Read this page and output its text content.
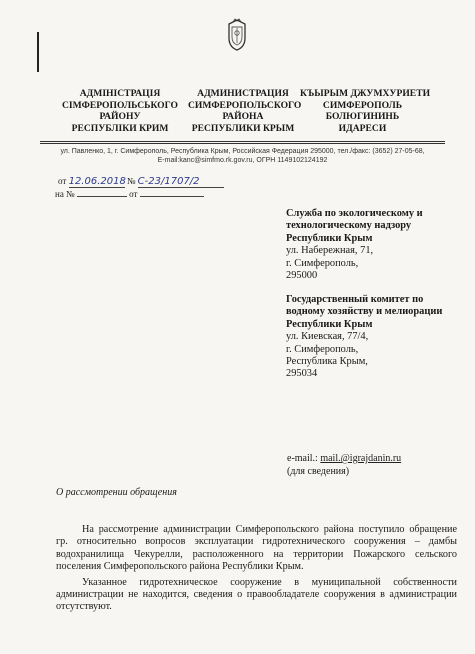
АДМІНІСТРАЦІЯ
СІМФЕРОПОЛЬСЬКОГО
РАЙОНУ
РЕСПУБЛІКИ КРИМ
АДМИНИСТРАЦИЯ
СИМФЕРОПОЛЬСКОГО
РАЙОНА
РЕСПУБЛИКИ КРЫМ
КЪЫРЫМ ДЖУМХУРИЕТИ
СИМФЕРОПОЛЬ
БОЛЮГИНИНЬ
ИДАРЕСИ
ул. Павленко, 1, г. Симферополь, Республика Крым, Российская Федерация 295000, тел./факс: (3652) 27-05-68,
E-mail:kanc@simfmo.rk.gov.ru, ОГРН 1149102124192
от 12.06.2018 № С-23/1707/2
на №	от
Служба по экологическому и
технологическому надзору
Республики Крым
ул. Набережная, 71,
г. Симферополь,
295000
Государственный комитет по
водному хозяйству и мелиорации
Республики Крым
ул. Киевская, 77/4,
г. Симферополь,
Республика Крым,
295034
e-mail.: mail.@igrajdanin.ru
(для сведения)
О рассмотрении обращения

На рассмотрение администрации Симферопольского района поступило обращение гр. относительно вопросов эксплуатации гидротехнического сооружения – дамбы водохранилища Чекурелли, расположенного на территории Пожарского сельского поселения Симферопольского района Республики Крым.

Указанное гидротехническое сооружение в муниципальной собственности администрации не находится, сведения о правообладателе сооружения в администрации отсутствуют.
